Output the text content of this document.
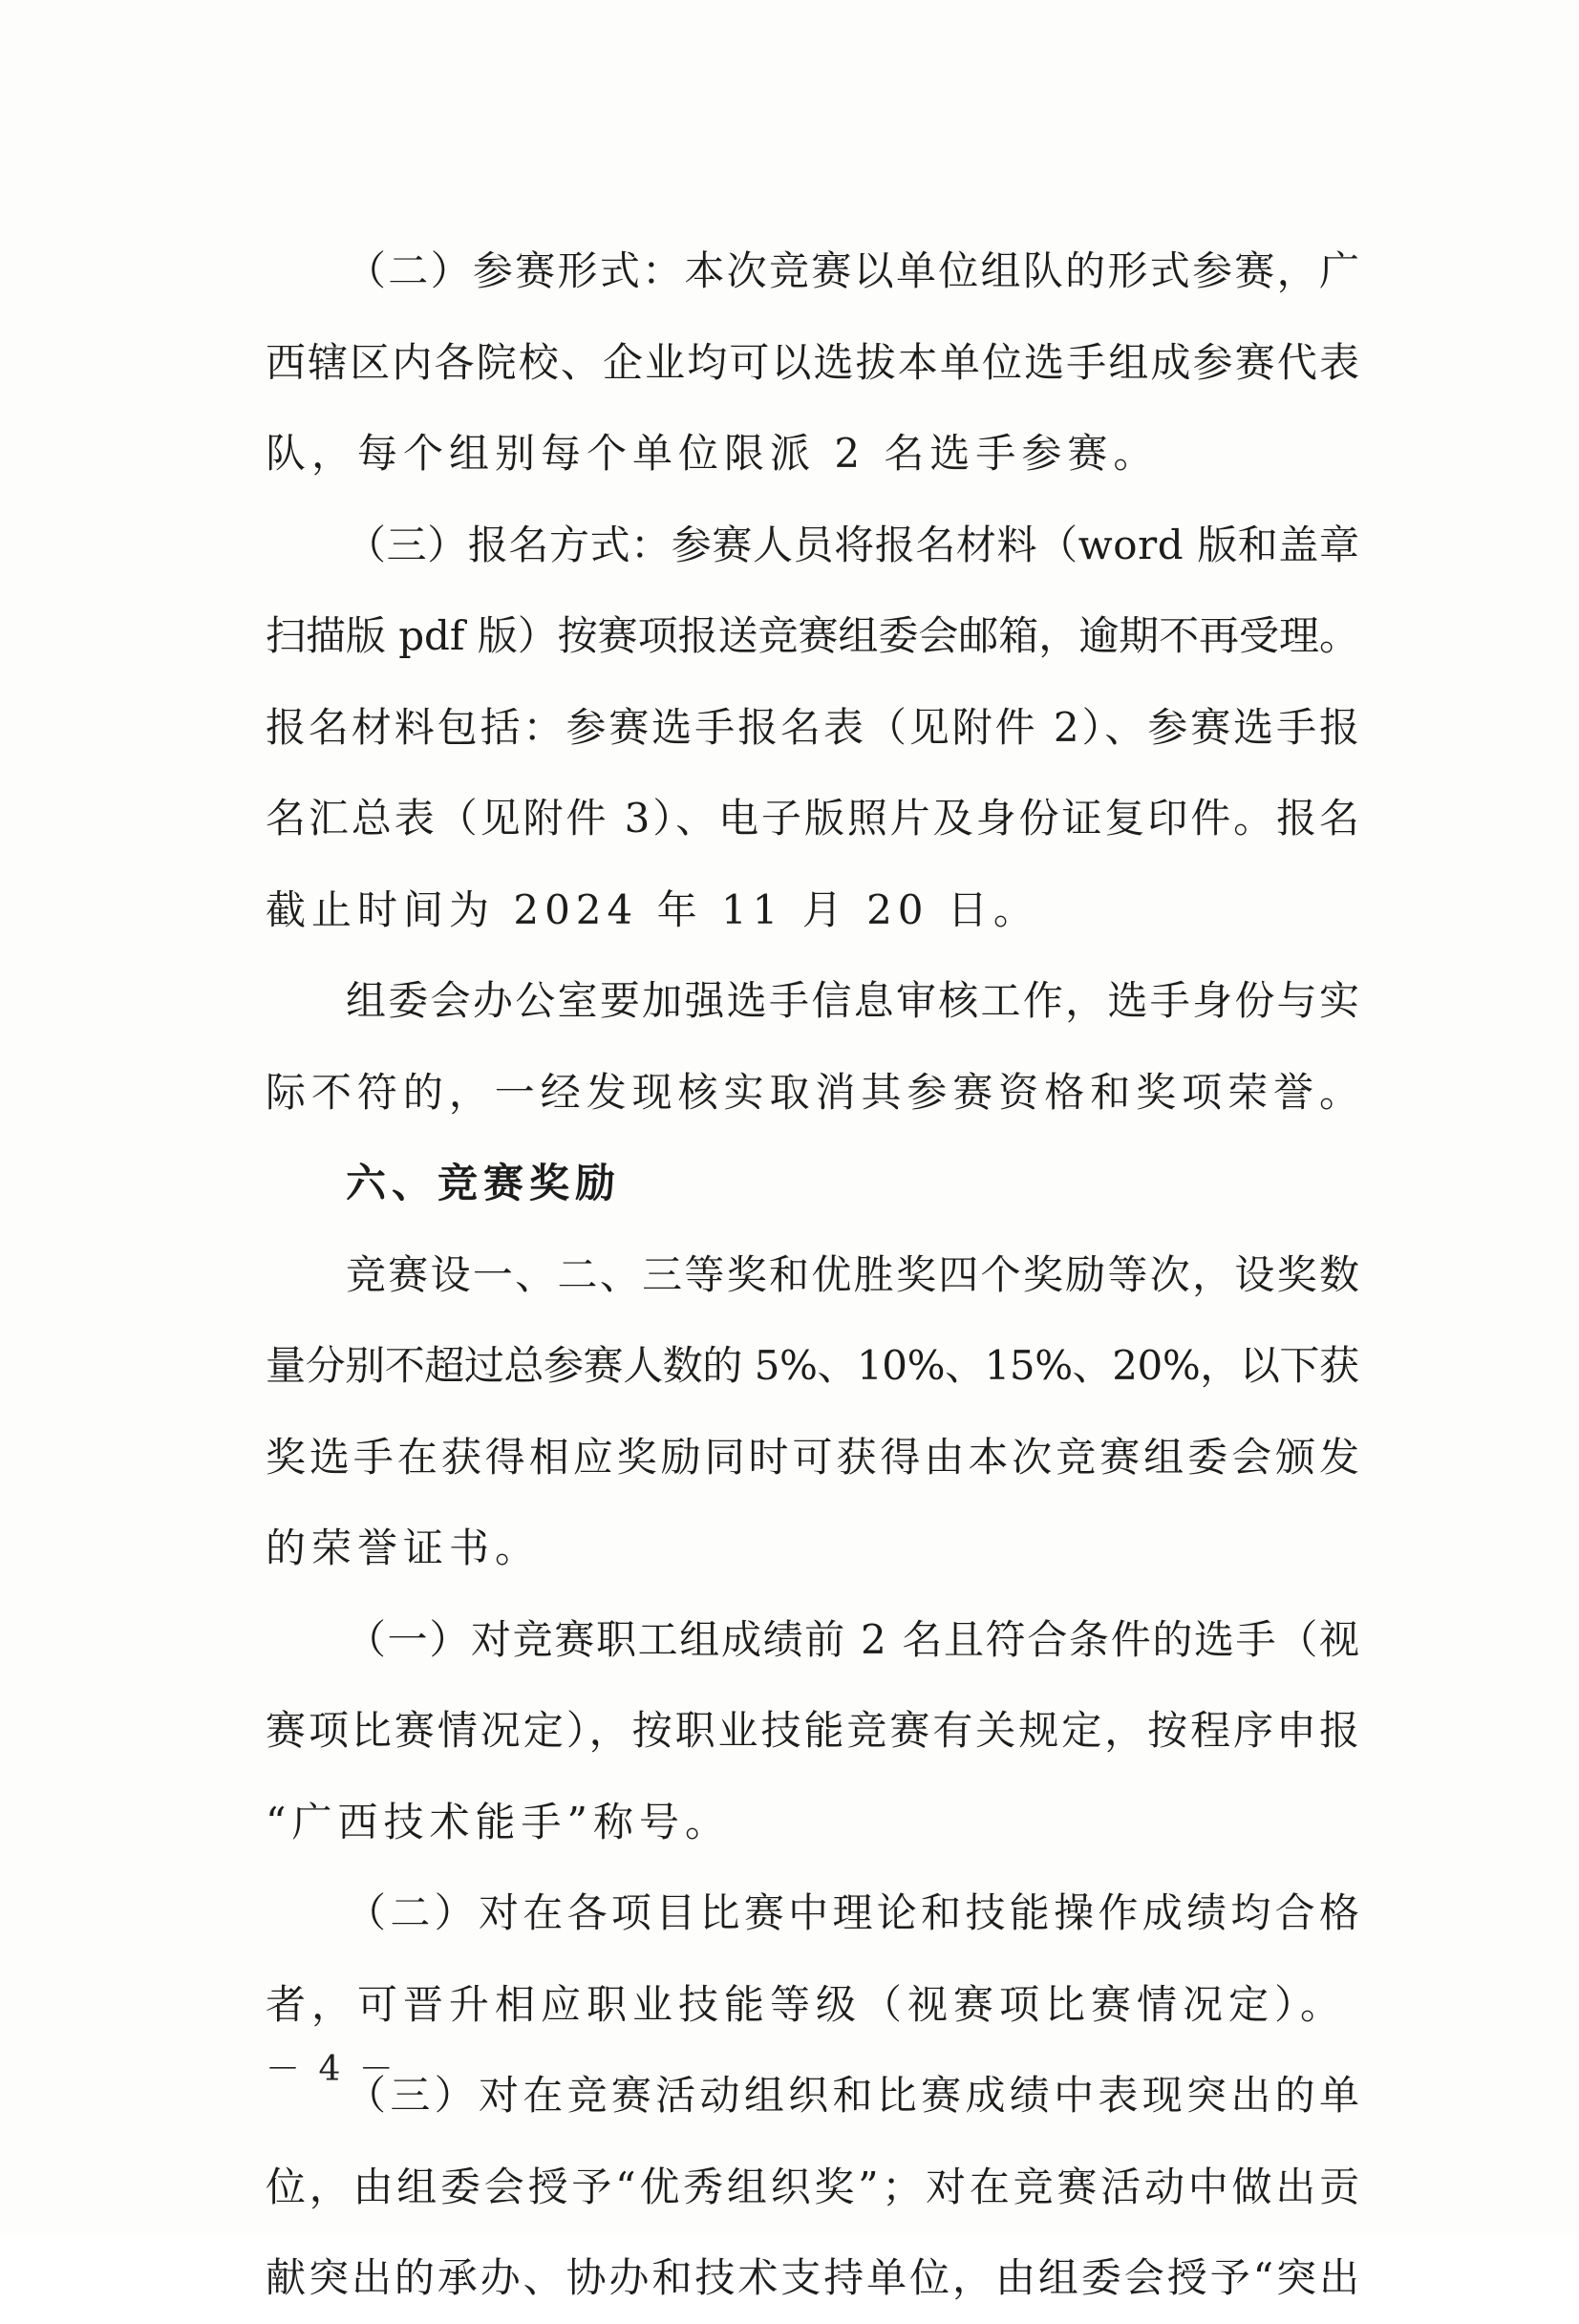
（二）参赛形式：本次竞赛以单位组队的形式参赛，广
西辖区内各院校、企业均可以选拔本单位选手组成参赛代表
队，每个组别每个单位限派 2 名选手参赛。
（三）报名方式：参赛人员将报名材料（word 版和盖章
扫描版 pdf 版）按赛项报送竞赛组委会邮箱，逾期不再受理。
报名材料包括：参赛选手报名表（见附件 2）、参赛选手报
名汇总表（见附件 3）、电子版照片及身份证复印件。报名
截止时间为 2024 年 11 月 20 日。
组委会办公室要加强选手信息审核工作，选手身份与实
际不符的，一经发现核实取消其参赛资格和奖项荣誉。
六、竞赛奖励
竞赛设一、二、三等奖和优胜奖四个奖励等次，设奖数
量分别不超过总参赛人数的 5%、10%、15%、20%，以下获
奖选手在获得相应奖励同时可获得由本次竞赛组委会颁发
的荣誉证书。
（一）对竞赛职工组成绩前 2 名且符合条件的选手（视
赛项比赛情况定），按职业技能竞赛有关规定，按程序申报
“广西技术能手”称号。
（二）对在各项目比赛中理论和技能操作成绩均合格
者，可晋升相应职业技能等级（视赛项比赛情况定）。
（三）对在竞赛活动组织和比赛成绩中表现突出的单
位，由组委会授予“优秀组织奖”；对在竞赛活动中做出贡
献突出的承办、协办和技术支持单位，由组委会授予“突出
－ 4 －
